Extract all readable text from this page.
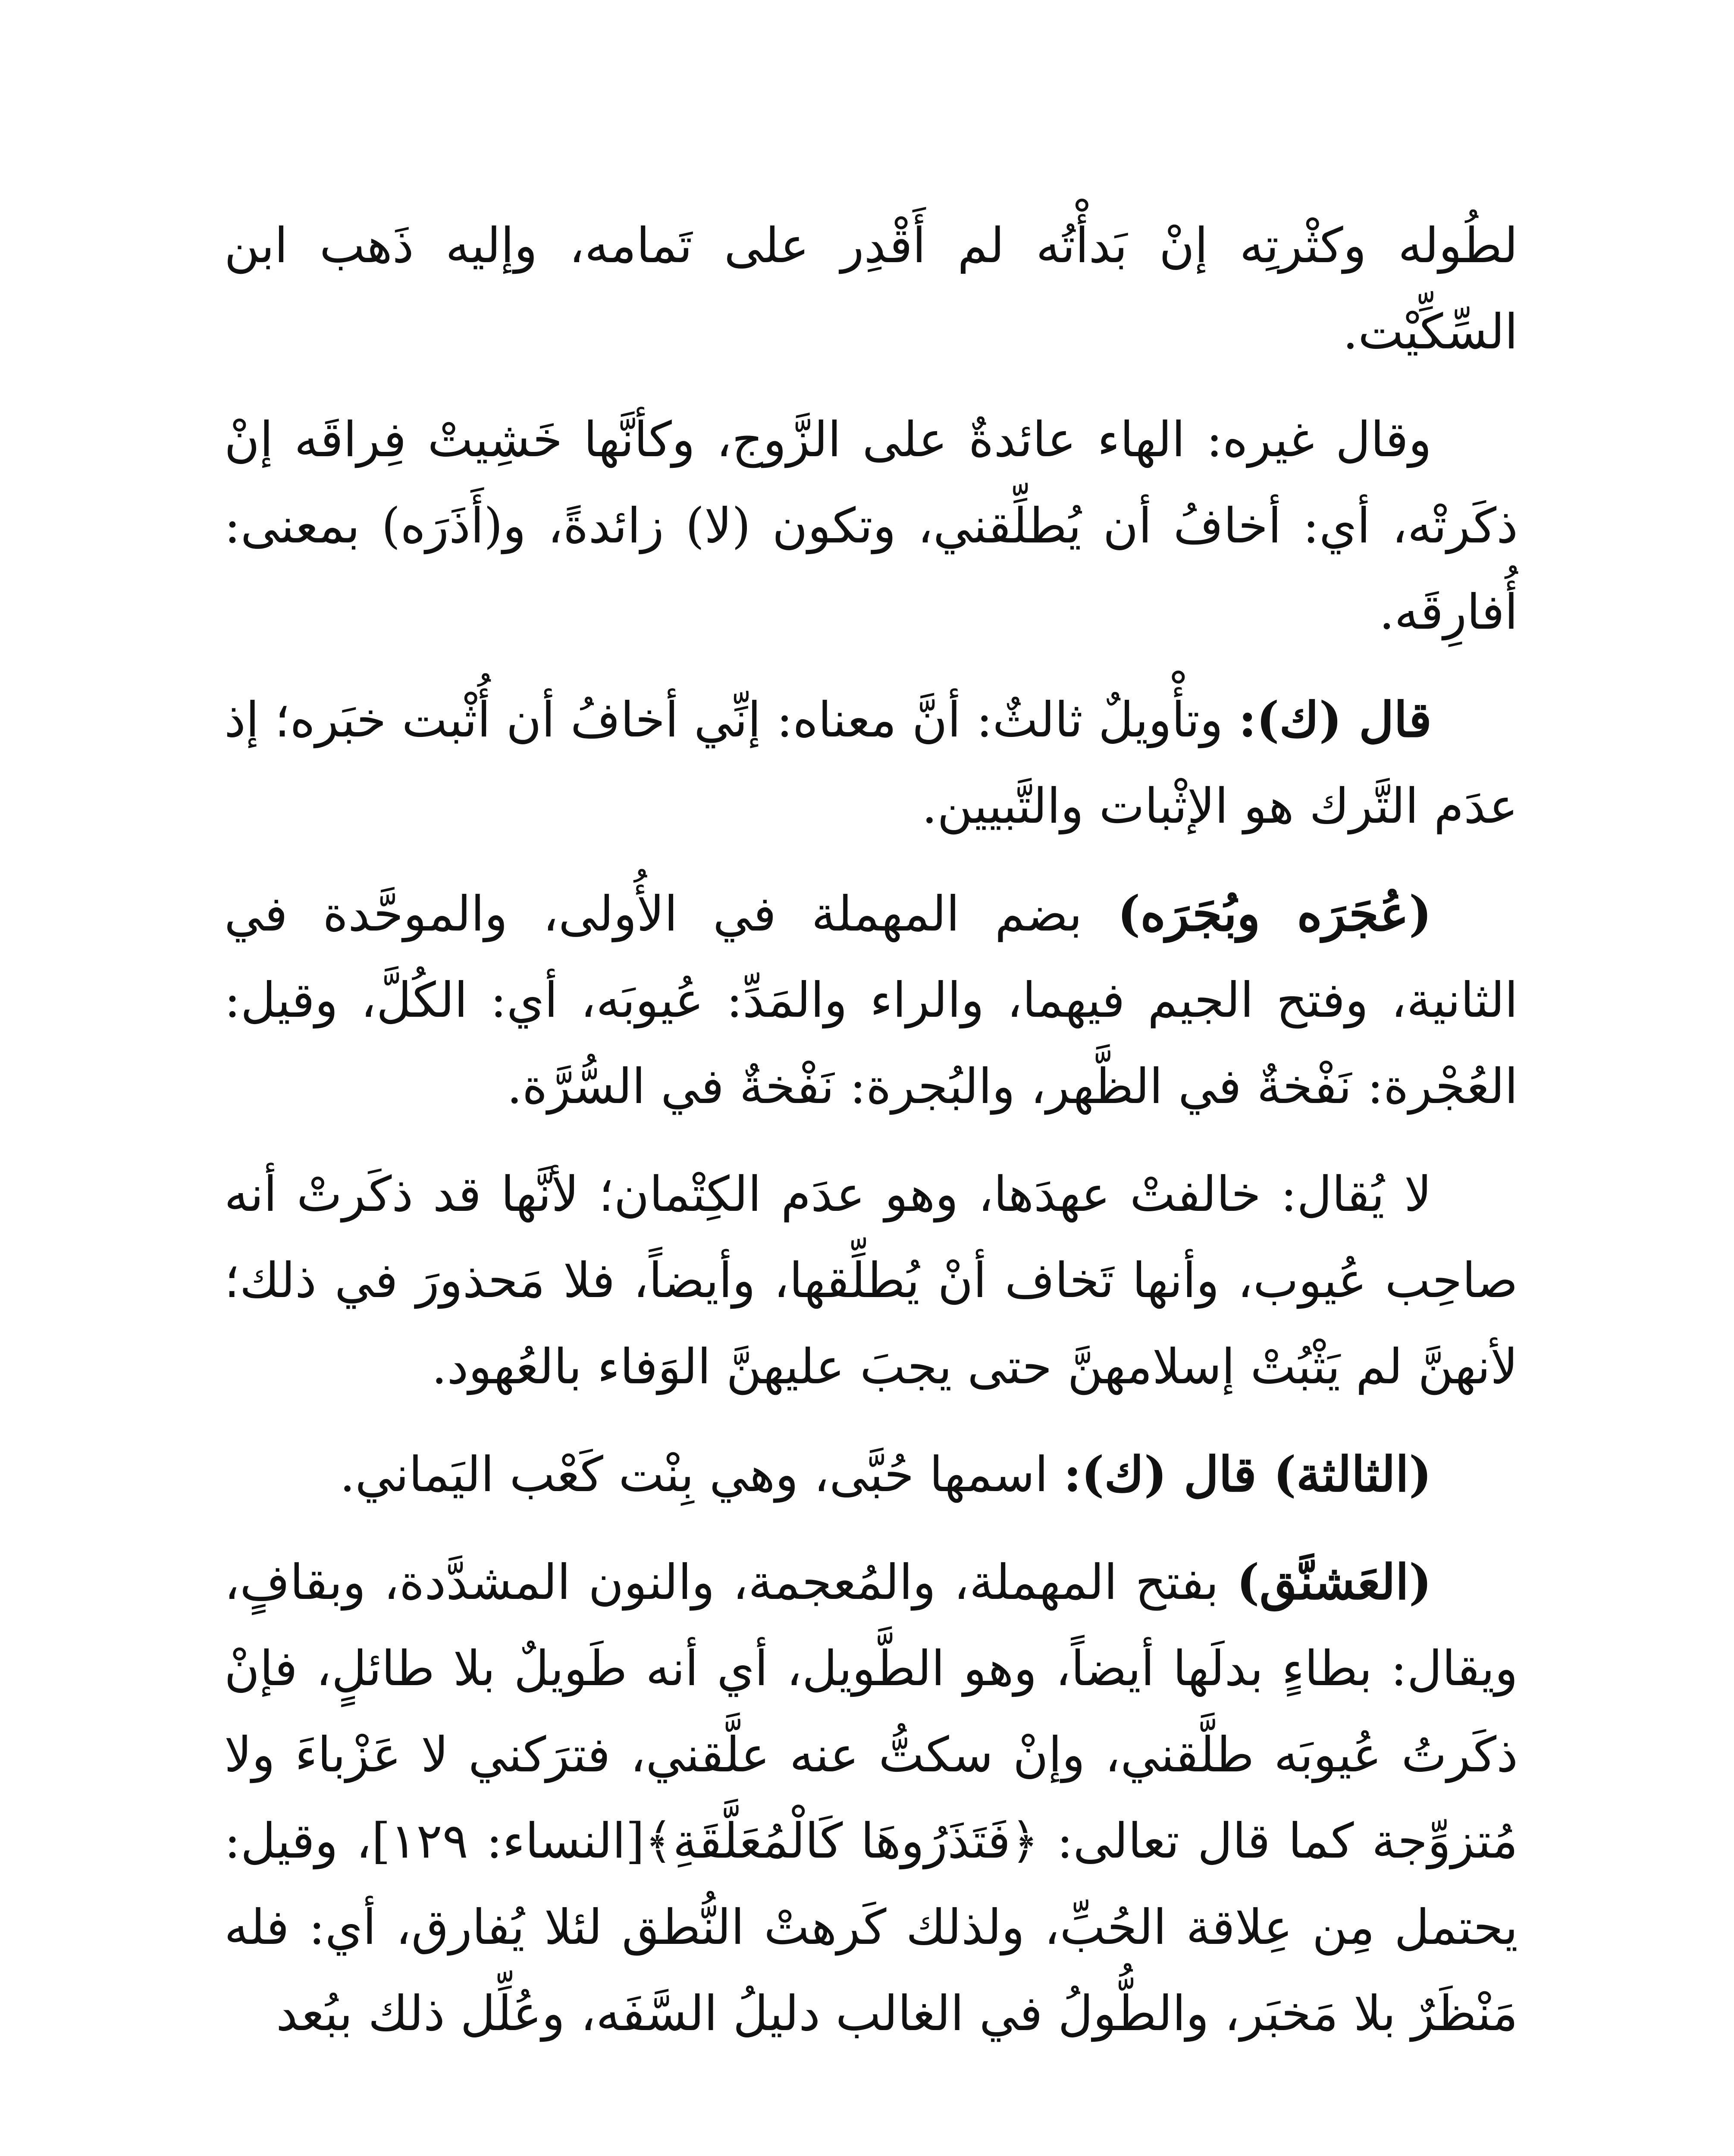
لطُوله وكثْرتِه إنْ بَدأْتُه لم أَقْدِر على تَمامه، وإليه ذَهب ابن السِّكِّيْت.

وقال غيره: الهاء عائدةٌ على الزَّوج، وكأنَّها خَشِيتْ فِراقَه إنْ ذكَرتْه، أي: أخافُ أن يُطلِّقني، وتكون (لا) زائدةً، و(أَذَرَه) بمعنى: أُفارِقَه.

قال (ك): وتأْويلٌ ثالثٌ: أنَّ معناه: إنِّي أخافُ أن أُثْبت خبَره؛ إذ عدَم التَّرك هو الإثْبات والتَّبيين.

(عُجَرَه وبُجَرَه) بضم المهملة في الأُولى، والموحَّدة في الثانية، وفتح الجيم فيهما، والراء والمَدِّ: عُيوبَه، أي: الكُلَّ، وقيل: العُجْرة: نَفْخةٌ في الظَّهر، والبُجرة: نَفْخةٌ في السُّرَّة.

لا يُقال: خالفتْ عهدَها، وهو عدَم الكِتْمان؛ لأنَّها قد ذكَرتْ أنه صاحِب عُيوب، وأنها تَخاف أنْ يُطلِّقها، وأيضاً، فلا مَحذورَ في ذلك؛ لأنهنَّ لم يَثْبُتْ إسلامهنَّ حتى يجبَ عليهنَّ الوَفاء بالعُهود.

(الثالثة) قال (ك): اسمها حُبَّى، وهي بِنْت كَعْب اليَماني.

(العَشنَّق) بفتح المهملة، والمُعجمة، والنون المشدَّدة، وبقافٍ، ويقال: بطاءٍ بدلَها أيضاً، وهو الطَّويل، أي أنه طَويلٌ بلا طائلٍ، فإنْ ذكَرتُ عُيوبَه طلَّقني، وإنْ سكتُّ عنه علَّقني، فترَكني لا عَزْباءَ ولا مُتزوِّجة كما قال تعالى: ﴿فَتَذَرُوهَا كَالْمُعَلَّقَةِ﴾[النساء: ١٢٩]، وقيل: يحتمل مِن عِلاقة الحُبِّ، ولذلك كَرهتْ النُّطق لئلا يُفارق، أي: فله مَنْظَرٌ بلا مَخبَر، والطُّولُ في الغالب دليلُ السَّفَه، وعُلِّل ذلك ببُعد
